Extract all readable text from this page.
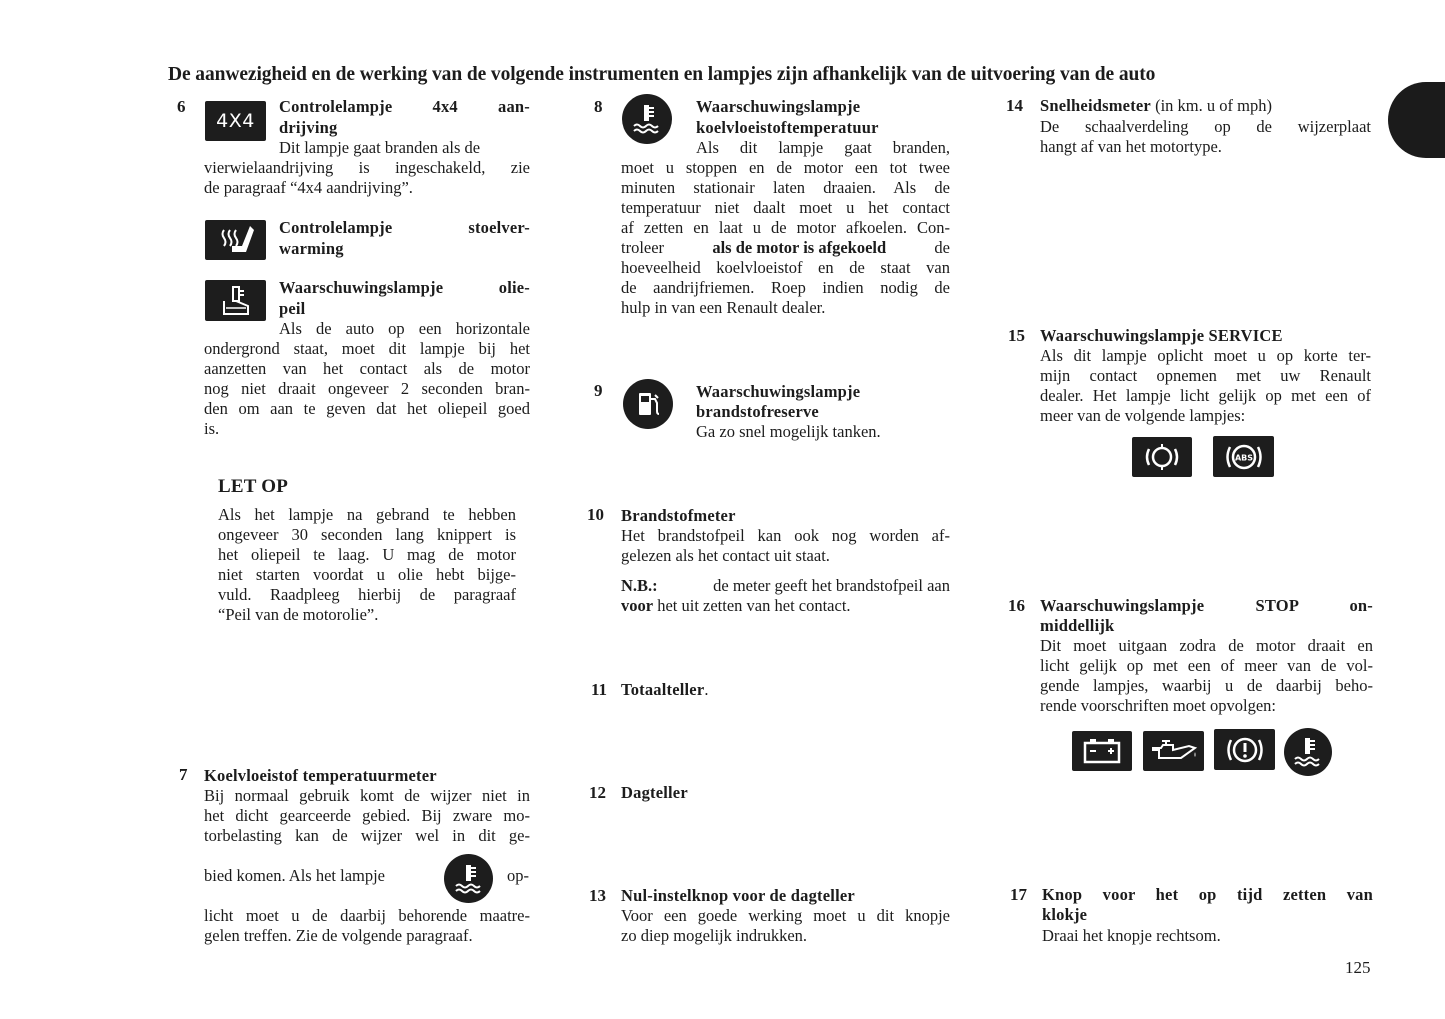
De aanwezigheid en de werking van de volgende instrumenten en lampjes zijn afhankelijk van de uitvoering van de auto
6
4X4
Controlelampje 4x4 aan-
drijving
Dit lampje gaat branden als de
vierwielaandrijving is ingeschakeld, zie
de paragraaf “4x4 aandrijving”.
Controlelampje stoelver-
warming
Waarschuwingslampje olie-
peil
Als de auto op een horizontale
ondergrond staat, moet dit lampje bij het
aanzetten van het contact als de motor
nog niet draait ongeveer 2 seconden bran-
den om aan te geven dat het oliepeil goed
is.
LET OP
Als het lampje na gebrand te hebben
ongeveer 30 seconden lang knippert is
het oliepeil te laag. U mag de motor
niet starten voordat u olie hebt bijge-
vuld. Raadpleeg hierbij de paragraaf
“Peil van de motorolie”.
7 Koelvloeistof temperatuurmeter
Bij normaal gebruik komt de wijzer niet in
het dicht gearceerde gebied. Bij zware mo-
torbelasting kan de wijzer wel in dit ge-
bied komen. Als het lampje	op-
licht moet u de daarbij behorende maatre-
gelen treffen. Zie de volgende paragraaf.
8	Waarschuwingslampje
koelvloeistoftemperatuur
Als dit lampje gaat branden,
moet u stoppen en de motor een tot twee
minuten stationair laten draaien. Als de
temperatuur niet daalt moet u het contact
af zetten en laat u de motor afkoelen. Con-
troleer	als de motor is afgekoeld	de
hoeveelheid koelvloeistof en de staat van
de aandrijfriemen. Roep indien nodig de
hulp in van een Renault dealer.
9	Waarschuwingslampje
brandstofreserve
Ga zo snel mogelijk tanken.
10 Brandstofmeter
Het brandstofpeil kan ook nog worden af-
gelezen als het contact uit staat.
N.B.:	de meter geeft het brandstofpeil aan
voor het uit zetten van het contact.
11 Totaalteller.
12 Dagteller
13 Nul-instelknop voor de dagteller
Voor een goede werking moet u dit knopje
zo diep mogelijk indrukken.
14 Snelheidsmeter (in km. u of mph)
De schaalverdeling op de wijzerplaat
hangt af van het motortype.
15 Waarschuwingslampje SERVICE
Als dit lampje oplicht moet u op korte ter-
mijn contact opnemen met uw Renault
dealer. Het lampje licht gelijk op met een of
meer van de volgende lampjes:
ABS
16 Waarschuwingslampje STOP on-
middellijk
Dit moet uitgaan zodra de motor draait en
licht gelijk op met een of meer van de vol-
gende lampjes, waarbij u de daarbij beho-
rende voorschriften moet opvolgen:
17 Knop voor het op tijd zetten van
klokje
Draai het knopje rechtsom.
125
